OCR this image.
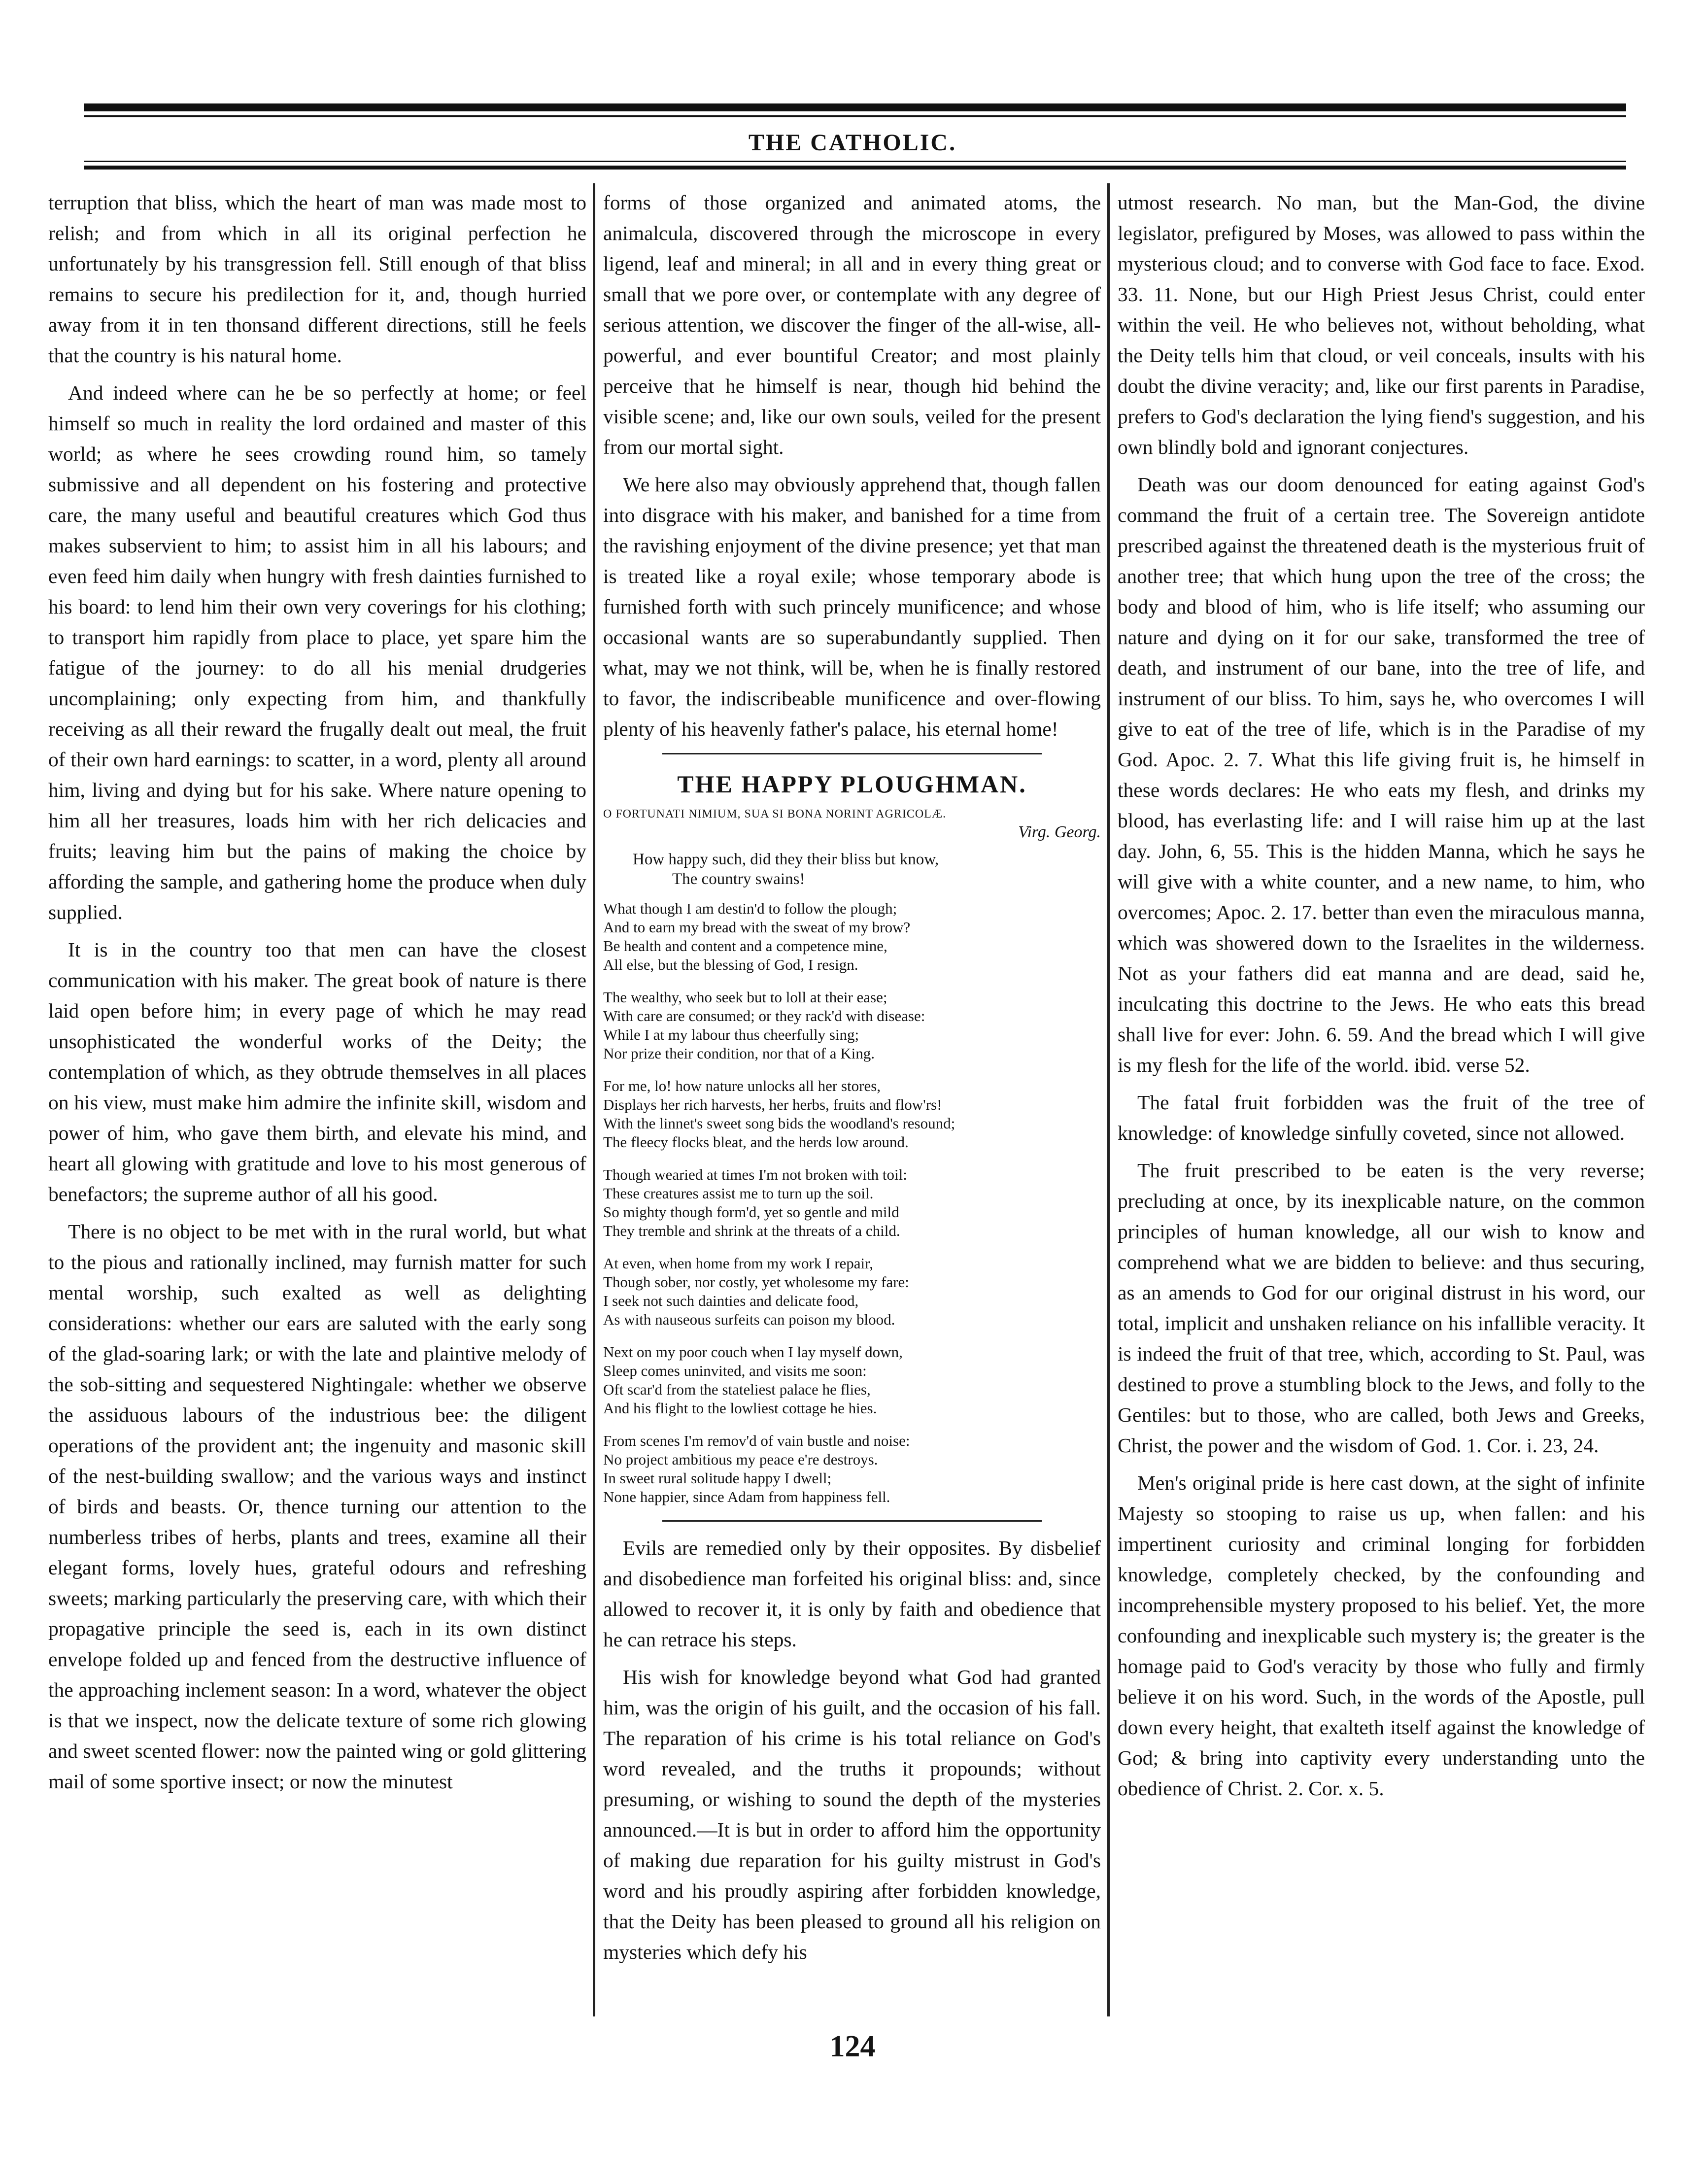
THE CATHOLIC.

terruption that bliss, which the heart of man was made most to relish; and from which in all its original perfection he unfortunately by his transgression fell. Still enough of that bliss remains to secure his predilection for it, and, though hurried away from it in ten thonsand different directions, still he feels that the country is his natural home.

And indeed where can he be so perfectly at home; or feel himself so much in reality the lord ordained and master of this world; as where he sees crowding round him, so tamely submissive and all dependent on his fostering and protective care, the many useful and beautiful creatures which God thus makes subservient to him; to assist him in all his labours; and even feed him daily when hungry with fresh dainties furnished to his board: to lend him their own very coverings for his clothing; to transport him rapidly from place to place, yet spare him the fatigue of the journey: to do all his menial drudgeries uncomplaining; only expecting from him, and thankfully receiving as all their reward the frugally dealt out meal, the fruit of their own hard earnings: to scatter, in a word, plenty all around him, living and dying but for his sake. Where nature opening to him all her treasures, loads him with her rich delicacies and fruits; leaving him but the pains of making the choice by affording the sample, and gathering home the produce when duly supplied.

It is in the country too that men can have the closest communication with his maker. The great book of nature is there laid open before him; in every page of which he may read unsophisticated the wonderful works of the Deity; the contemplation of which, as they obtrude themselves in all places on his view, must make him admire the infinite skill, wisdom and power of him, who gave them birth, and elevate his mind, and heart all glowing with gratitude and love to his most generous of benefactors; the supreme author of all his good.

There is no object to be met with in the rural world, but what to the pious and rationally inclined, may furnish matter for such mental worship, such exalted as well as delighting considerations: whether our ears are saluted with the early song of the glad-soaring lark; or with the late and plaintive melody of the sob-sitting and sequestered Nightingale: whether we observe the assiduous labours of the industrious bee: the diligent operations of the provident ant; the ingenuity and masonic skill of the nest-building swallow; and the various ways and instinct of birds and beasts. Or, thence turning our attention to the numberless tribes of herbs, plants and trees, examine all their elegant forms, lovely hues, grateful odours and refreshing sweets; marking particularly the preserving care, with which their propagative principle the seed is, each in its own distinct envelope folded up and fenced from the destructive influence of the approaching inclement season: In a word, whatever the object is that we inspect, now the delicate texture of some rich glowing and sweet scented flower: now the painted wing or gold glittering mail of some sportive insect; or now the minutest

forms of those organized and animated atoms, the animalcula, discovered through the microscope in every ligend, leaf and mineral; in all and in every thing great or small that we pore over, or contemplate with any degree of serious attention, we discover the finger of the all-wise, all-powerful, and ever bountiful Creator; and most plainly perceive that he himself is near, though hid behind the visible scene; and, like our own souls, veiled for the present from our mortal sight.

We here also may obviously apprehend that, though fallen into disgrace with his maker, and banished for a time from the ravishing enjoyment of the divine presence; yet that man is treated like a royal exile; whose temporary abode is furnished forth with such princely munificence; and whose occasional wants are so superabundantly supplied. Then what, may we not think, will be, when he is finally restored to favor, the indiscribeable munificence and over-flowing plenty of his heavenly father's palace, his eternal home!

THE HAPPY PLOUGHMAN.
O FORTUNATI NIMIUM, SUA SI BONA NORINT AGRICOLÆ.
Virg. Georg.
How happy such, did they their bliss but know,
The country swains!
What though I am destin'd to follow the plough;
And to earn my bread with the sweat of my brow?
Be health and content and a competence mine,
All else, but the blessing of God, I resign.
The wealthy, who seek but to loll at their ease;
With care are consumed; or they rack'd with disease:
While I at my labour thus cheerfully sing;
Nor prize their condition, nor that of a King.
For me, lo! how nature unlocks all her stores,
Displays her rich harvests, her herbs, fruits and flow'rs!
With the linnet's sweet song bids the woodland's resound;
The fleecy flocks bleat, and the herds low around.
Though wearied at times I'm not broken with toil:
These creatures assist me to turn up the soil.
So mighty though form'd, yet so gentle and mild
They tremble and shrink at the threats of a child.
At even, when home from my work I repair,
Though sober, nor costly, yet wholesome my fare:
I seek not such dainties and delicate food,
As with nauseous surfeits can poison my blood.
Next on my poor couch when I lay myself down,
Sleep comes uninvited, and visits me soon:
Oft scar'd from the stateliest palace he flies,
And his flight to the lowliest cottage he hies.
From scenes I'm remov'd of vain bustle and noise:
No project ambitious my peace e're destroys.
In sweet rural solitude happy I dwell;
None happier, since Adam from happiness fell.

Evils are remedied only by their opposites. By disbelief and disobedience man forfeited his original bliss: and, since allowed to recover it, it is only by faith and obedience that he can retrace his steps.

His wish for knowledge beyond what God had granted him, was the origin of his guilt, and the occasion of his fall. The reparation of his crime is his total reliance on God's word revealed, and the truths it propounds; without presuming, or wishing to sound the depth of the mysteries announced.—It is but in order to afford him the opportunity of making due reparation for his guilty mistrust in God's word and his proudly aspiring after forbidden knowledge, that the Deity has been pleased to ground all his religion on mysteries which defy his

utmost research. No man, but the Man-God, the divine legislator, prefigured by Moses, was allowed to pass within the mysterious cloud; and to converse with God face to face. Exod. 33. 11. None, but our High Priest Jesus Christ, could enter within the veil. He who believes not, without beholding, what the Deity tells him that cloud, or veil conceals, insults with his doubt the divine veracity; and, like our first parents in Paradise, prefers to God's declaration the lying fiend's suggestion, and his own blindly bold and ignorant conjectures.

Death was our doom denounced for eating against God's command the fruit of a certain tree. The Sovereign antidote prescribed against the threatened death is the mysterious fruit of another tree; that which hung upon the tree of the cross; the body and blood of him, who is life itself; who assuming our nature and dying on it for our sake, transformed the tree of death, and instrument of our bane, into the tree of life, and instrument of our bliss. To him, says he, who overcomes I will give to eat of the tree of life, which is in the Paradise of my God. Apoc. 2. 7. What this life giving fruit is, he himself in these words declares: He who eats my flesh, and drinks my blood, has everlasting life: and I will raise him up at the last day. John, 6, 55. This is the hidden Manna, which he says he will give with a white counter, and a new name, to him, who overcomes; Apoc. 2. 17. better than even the miraculous manna, which was showered down to the Israelites in the wilderness. Not as your fathers did eat manna and are dead, said he, inculcating this doctrine to the Jews. He who eats this bread shall live for ever: John. 6. 59. And the bread which I will give is my flesh for the life of the world. ibid. verse 52.

The fatal fruit forbidden was the fruit of the tree of knowledge: of knowledge sinfully coveted, since not allowed.

The fruit prescribed to be eaten is the very reverse; precluding at once, by its inexplicable nature, on the common principles of human knowledge, all our wish to know and comprehend what we are bidden to believe: and thus securing, as an amends to God for our original distrust in his word, our total, implicit and unshaken reliance on his infallible veracity. It is indeed the fruit of that tree, which, according to St. Paul, was destined to prove a stumbling block to the Jews, and folly to the Gentiles: but to those, who are called, both Jews and Greeks, Christ, the power and the wisdom of God. 1. Cor. i. 23, 24.

Men's original pride is here cast down, at the sight of infinite Majesty so stooping to raise us up, when fallen: and his impertinent curiosity and criminal longing for forbidden knowledge, completely checked, by the confounding and incomprehensible mystery proposed to his belief. Yet, the more confounding and inexplicable such mystery is; the greater is the homage paid to God's veracity by those who fully and firmly believe it on his word. Such, in the words of the Apostle, pull down every height, that exalteth itself against the knowledge of God; & bring into captivity every understanding unto the obedience of Christ. 2. Cor. x. 5.

124
